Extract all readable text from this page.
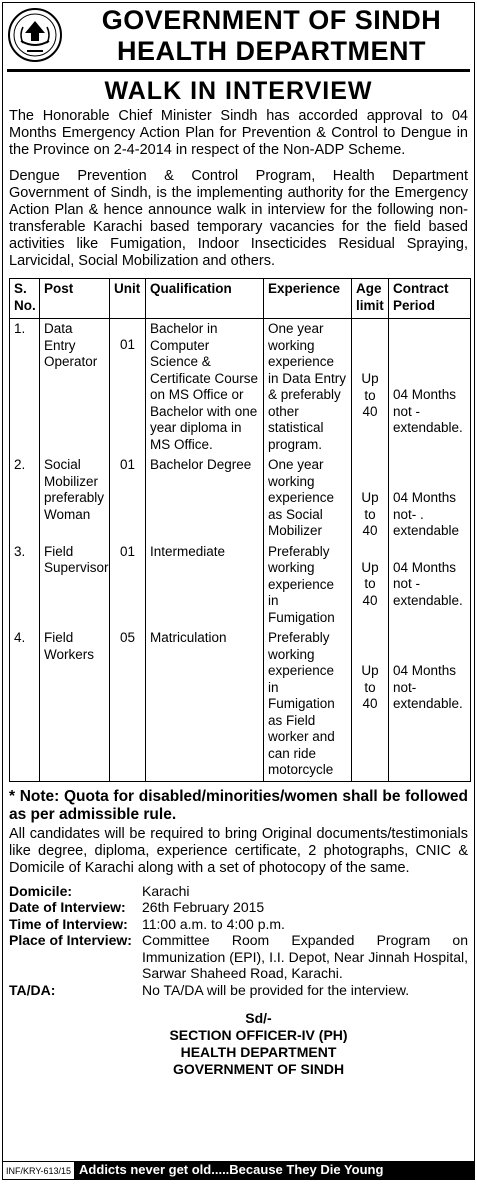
GOVERNMENT OF SINDH
HEALTH DEPARTMENT
WALK IN INTERVIEW
The Honorable Chief Minister Sindh has accorded approval to 04 Months Emergency Action Plan for Prevention & Control to Dengue in the Province on 2-4-2014 in respect of the Non-ADP Scheme.
Dengue Prevention & Control Program, Health Department Government of Sindh, is the implementing authority for the Emergency Action Plan & hence announce walk in interview for the following non-transferable Karachi based temporary vacancies for the field based activities like Fumigation, Indoor Insecticides Residual Spraying, Larvicidal, Social Mobilization and others.
S. No.	Post	Unit	Qualification	Experience	Age limit	Contract Period
1.	Data Entry Operator	01	Bachelor in Computer Science & Certificate Course on MS Office or Bachelor with one year diploma in MS Office.	One year working experience in Data Entry & preferably other statistical program.	Up to 40	04 Months not -extendable.
2.	Social Mobilizer preferably Woman	01	Bachelor Degree	One year working experience as Social Mobilizer	Up to 40	04 Months not- . extendable
3.	Field Supervisor	01	Intermediate	Preferably working experience in Fumigation	Up to 40	04 Months not -extendable.
4.	Field Workers	05	Matriculation	Preferably working experience in Fumigation as Field worker and can ride motorcycle	Up to 40	04 Months not- extendable.
* Note: Quota for disabled/minorities/women shall be followed as per admissible rule.
All candidates will be required to bring Original documents/testimonials like degree, diploma, experience certificate, 2 photographs, CNIC & Domicile of Karachi along with a set of photocopy of the same.
Domicile:	Karachi
Date of Interview:	26th February 2015
Time of Interview:	11:00 a.m. to 4:00 p.m.
Place of Interview: Committee Room Expanded Program on Immunization (EPI), I.I. Depot, Near Jinnah Hospital, Sarwar Shaheed Road, Karachi.
TA/DA:	No TA/DA will be provided for the interview.
Sd/-
SECTION OFFICER-IV (PH)
HEALTH DEPARTMENT
GOVERNMENT OF SINDH
INF/KRY-613/15 Addicts never get old.....Because They Die Young
